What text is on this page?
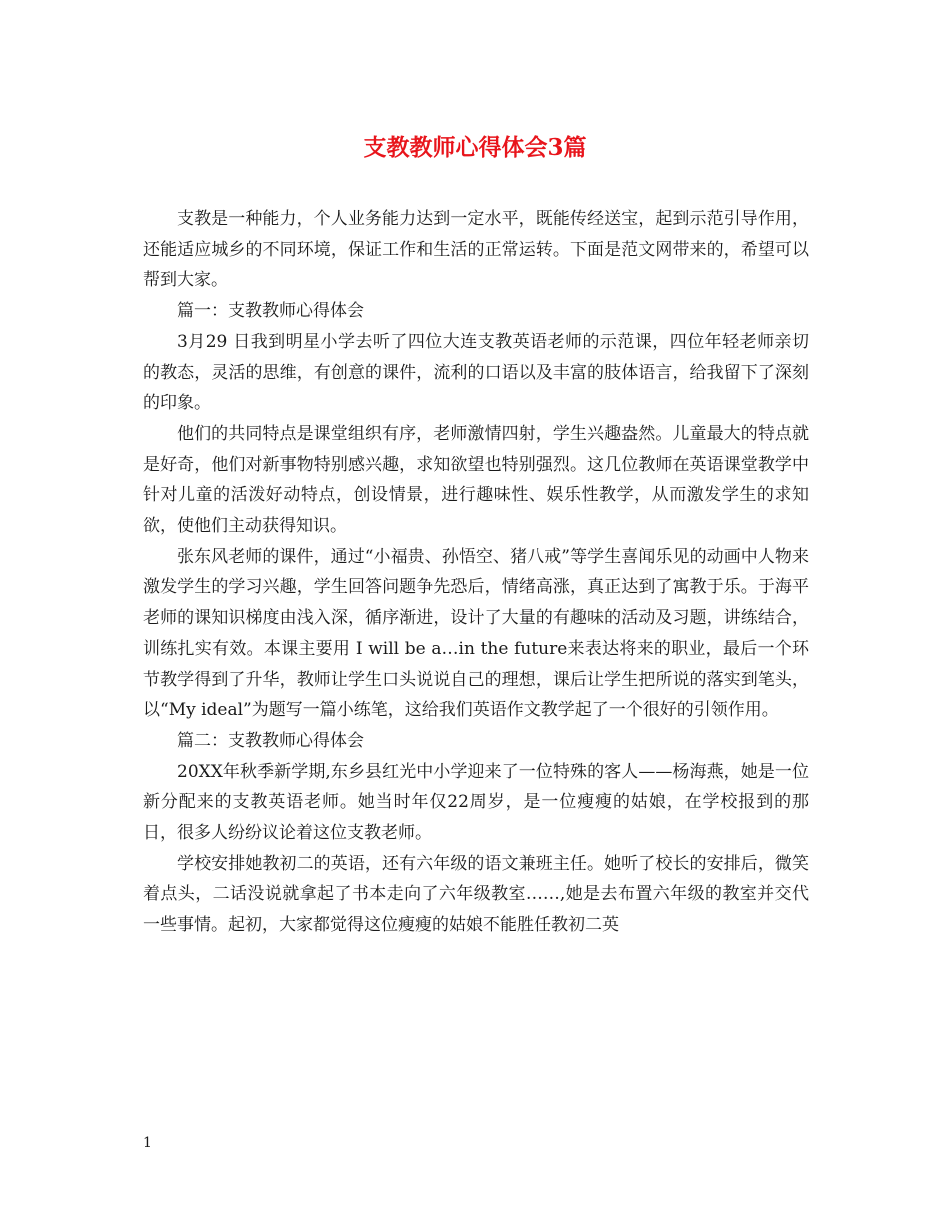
支教教师心得体会3篇

支教是一种能力，个人业务能力达到一定水平，既能传经送宝，起到示范引导作用，还能适应城乡的不同环境，保证工作和生活的正常运转。下面是范文网带来的，希望可以帮到大家。

篇一：支教教师心得体会

3月29 日我到明星小学去听了四位大连支教英语老师的示范课，四位年轻老师亲切的教态，灵活的思维，有创意的课件，流利的口语以及丰富的肢体语言，给我留下了深刻的印象。

他们的共同特点是课堂组织有序，老师激情四射，学生兴趣盎然。儿童最大的特点就是好奇，他们对新事物特别感兴趣，求知欲望也特别强烈。这几位教师在英语课堂教学中针对儿童的活泼好动特点，创设情景，进行趣味性、娱乐性教学，从而激发学生的求知欲，使他们主动获得知识。

张东风老师的课件，通过“小福贵、孙悟空、猪八戒”等学生喜闻乐见的动画中人物来激发学生的学习兴趣，学生回答问题争先恐后，情绪高涨，真正达到了寓教于乐。于海平老师的课知识梯度由浅入深，循序渐进，设计了大量的有趣味的活动及习题，讲练结合，训练扎实有效。本课主要用 I will be a…in the future来表达将来的职业，最后一个环节教学得到了升华，教师让学生口头说说自己的理想，课后让学生把所说的落实到笔头，以“My ideal”为题写一篇小练笔，这给我们英语作文教学起了一个很好的引领作用。

篇二：支教教师心得体会

20XX年秋季新学期,东乡县红光中小学迎来了一位特殊的客人——杨海燕，她是一位新分配来的支教英语老师。她当时年仅22周岁，是一位瘦瘦的姑娘，在学校报到的那日，很多人纷纷议论着这位支教老师。

学校安排她教初二的英语，还有六年级的语文兼班主任。她听了校长的安排后，微笑着点头，二话没说就拿起了书本走向了六年级教室……,她是去布置六年级的教室并交代一些事情。起初，大家都觉得这位瘦瘦的姑娘不能胜任教初二英

1
